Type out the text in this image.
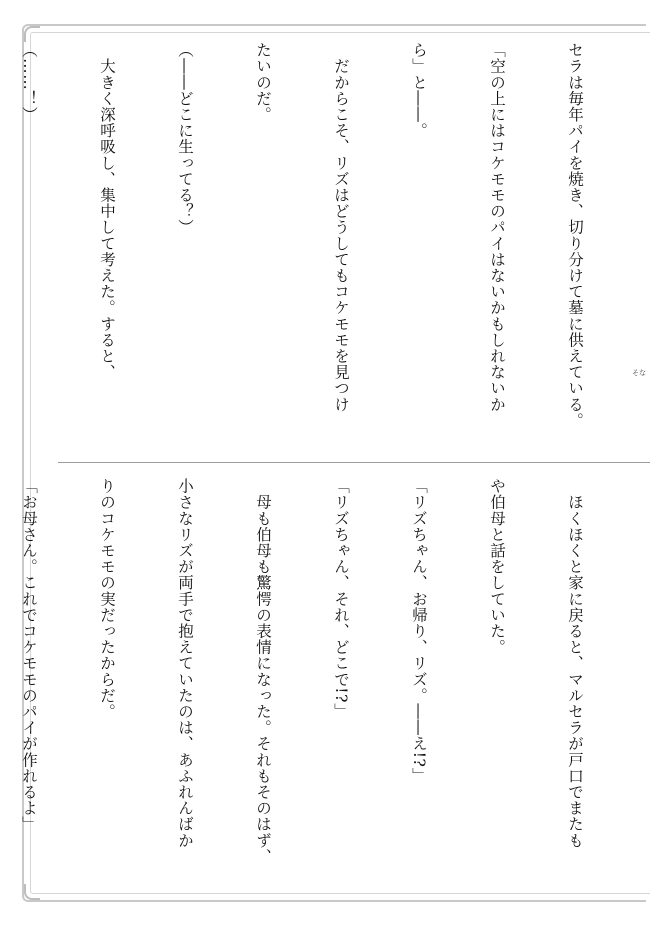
セラは毎年パイを焼き、切り分けて墓に供えている。

「空の上にはコケモモのパイはないかもしれないか

ら」と――。

　だからこそ、リズはどうしてもコケモモを見つけ

たいのだ。

（――どこに生ってる？）

　大きく深呼吸し、集中して考えた。すると、

（……！）

そな

　ほくほくと家に戻ると、マルセラが戸口でまたも

や伯母と話をしていた。

「リズちゃん、お帰り、リズ。――え!?」

「リズちゃん、それ、どこで!?」

　母も伯母も驚愕の表情になった。それもそのはず、

小さなリズが両手で抱えていたのは、あふれんばか

りのコケモモの実だったからだ。

「お母さん。これでコケモモのパイが作れるよ」
